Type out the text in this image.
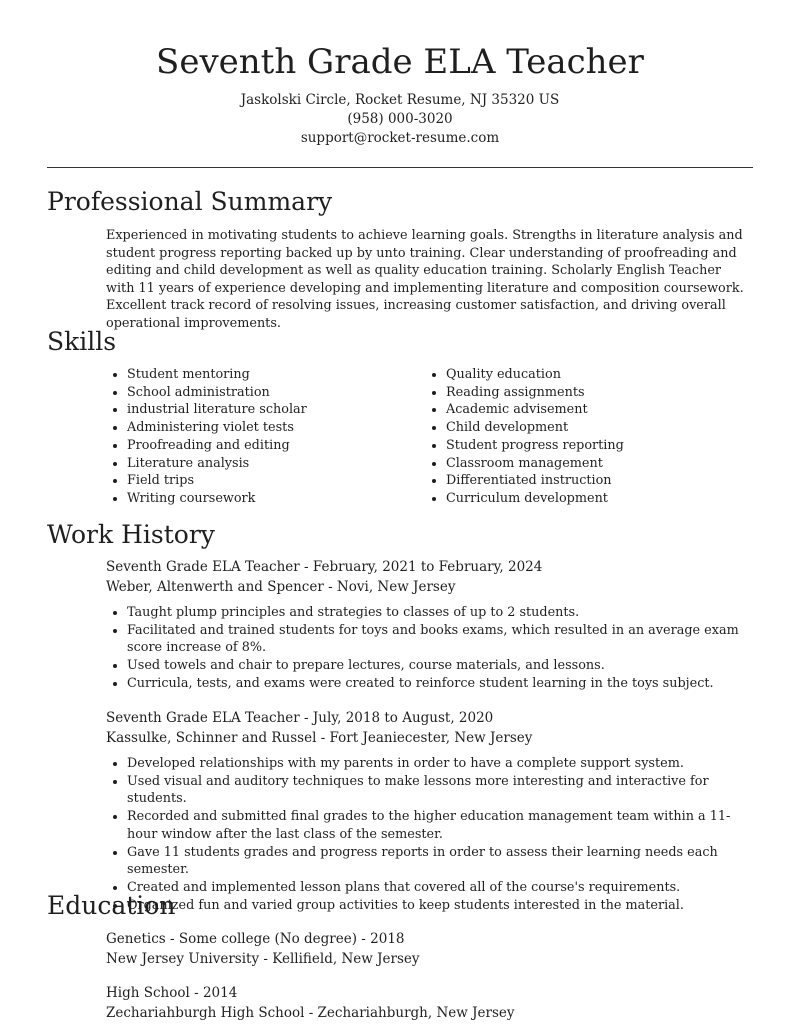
Seventh Grade ELA Teacher

Jaskolski Circle, Rocket Resume, NJ 35320 US

(958) 000-3020

support@rocket-resume.com

Professional Summary

Experienced in motivating students to achieve learning goals. Strengths in literature analysis and student progress reporting backed up by unto training. Clear understanding of proofreading and editing and child development as well as quality education training. Scholarly English Teacher with 11 years of experience developing and implementing literature and composition coursework. Excellent track record of resolving issues, increasing customer satisfaction, and driving overall operational improvements.

Skills
• Student mentoring
• School administration
• industrial literature scholar
• Administering violet tests
• Proofreading and editing
• Literature analysis
• Field trips
• Writing coursework
• Quality education
• Reading assignments
• Academic advisement
• Child development
• Student progress reporting
• Classroom management
• Differentiated instruction
• Curriculum development
Work History

Seventh Grade ELA Teacher - February, 2021 to February, 2024

Weber, Altenwerth and Spencer - Novi, New Jersey

• Taught plump principles and strategies to classes of up to 2 students.
• Facilitated and trained students for toys and books exams, which resulted in an average exam score increase of 8%.
• Used towels and chair to prepare lectures, course materials, and lessons.
• Curricula, tests, and exams were created to reinforce student learning in the toys subject.

Seventh Grade ELA Teacher - July, 2018 to August, 2020

Kassulke, Schinner and Russel - Fort Jeaniecester, New Jersey

• Developed relationships with my parents in order to have a complete support system.
• Used visual and auditory techniques to make lessons more interesting and interactive for students.
• Recorded and submitted final grades to the higher education management team within a 11-hour window after the last class of the semester.
• Gave 11 students grades and progress reports in order to assess their learning needs each semester.
• Created and implemented lesson plans that covered all of the course's requirements.
• Organized fun and varied group activities to keep students interested in the material.
Education

Genetics - Some college (No degree) - 2018

New Jersey University - Kellifield, New Jersey

High School - 2014

Zechariahburgh High School - Zechariahburgh, New Jersey
